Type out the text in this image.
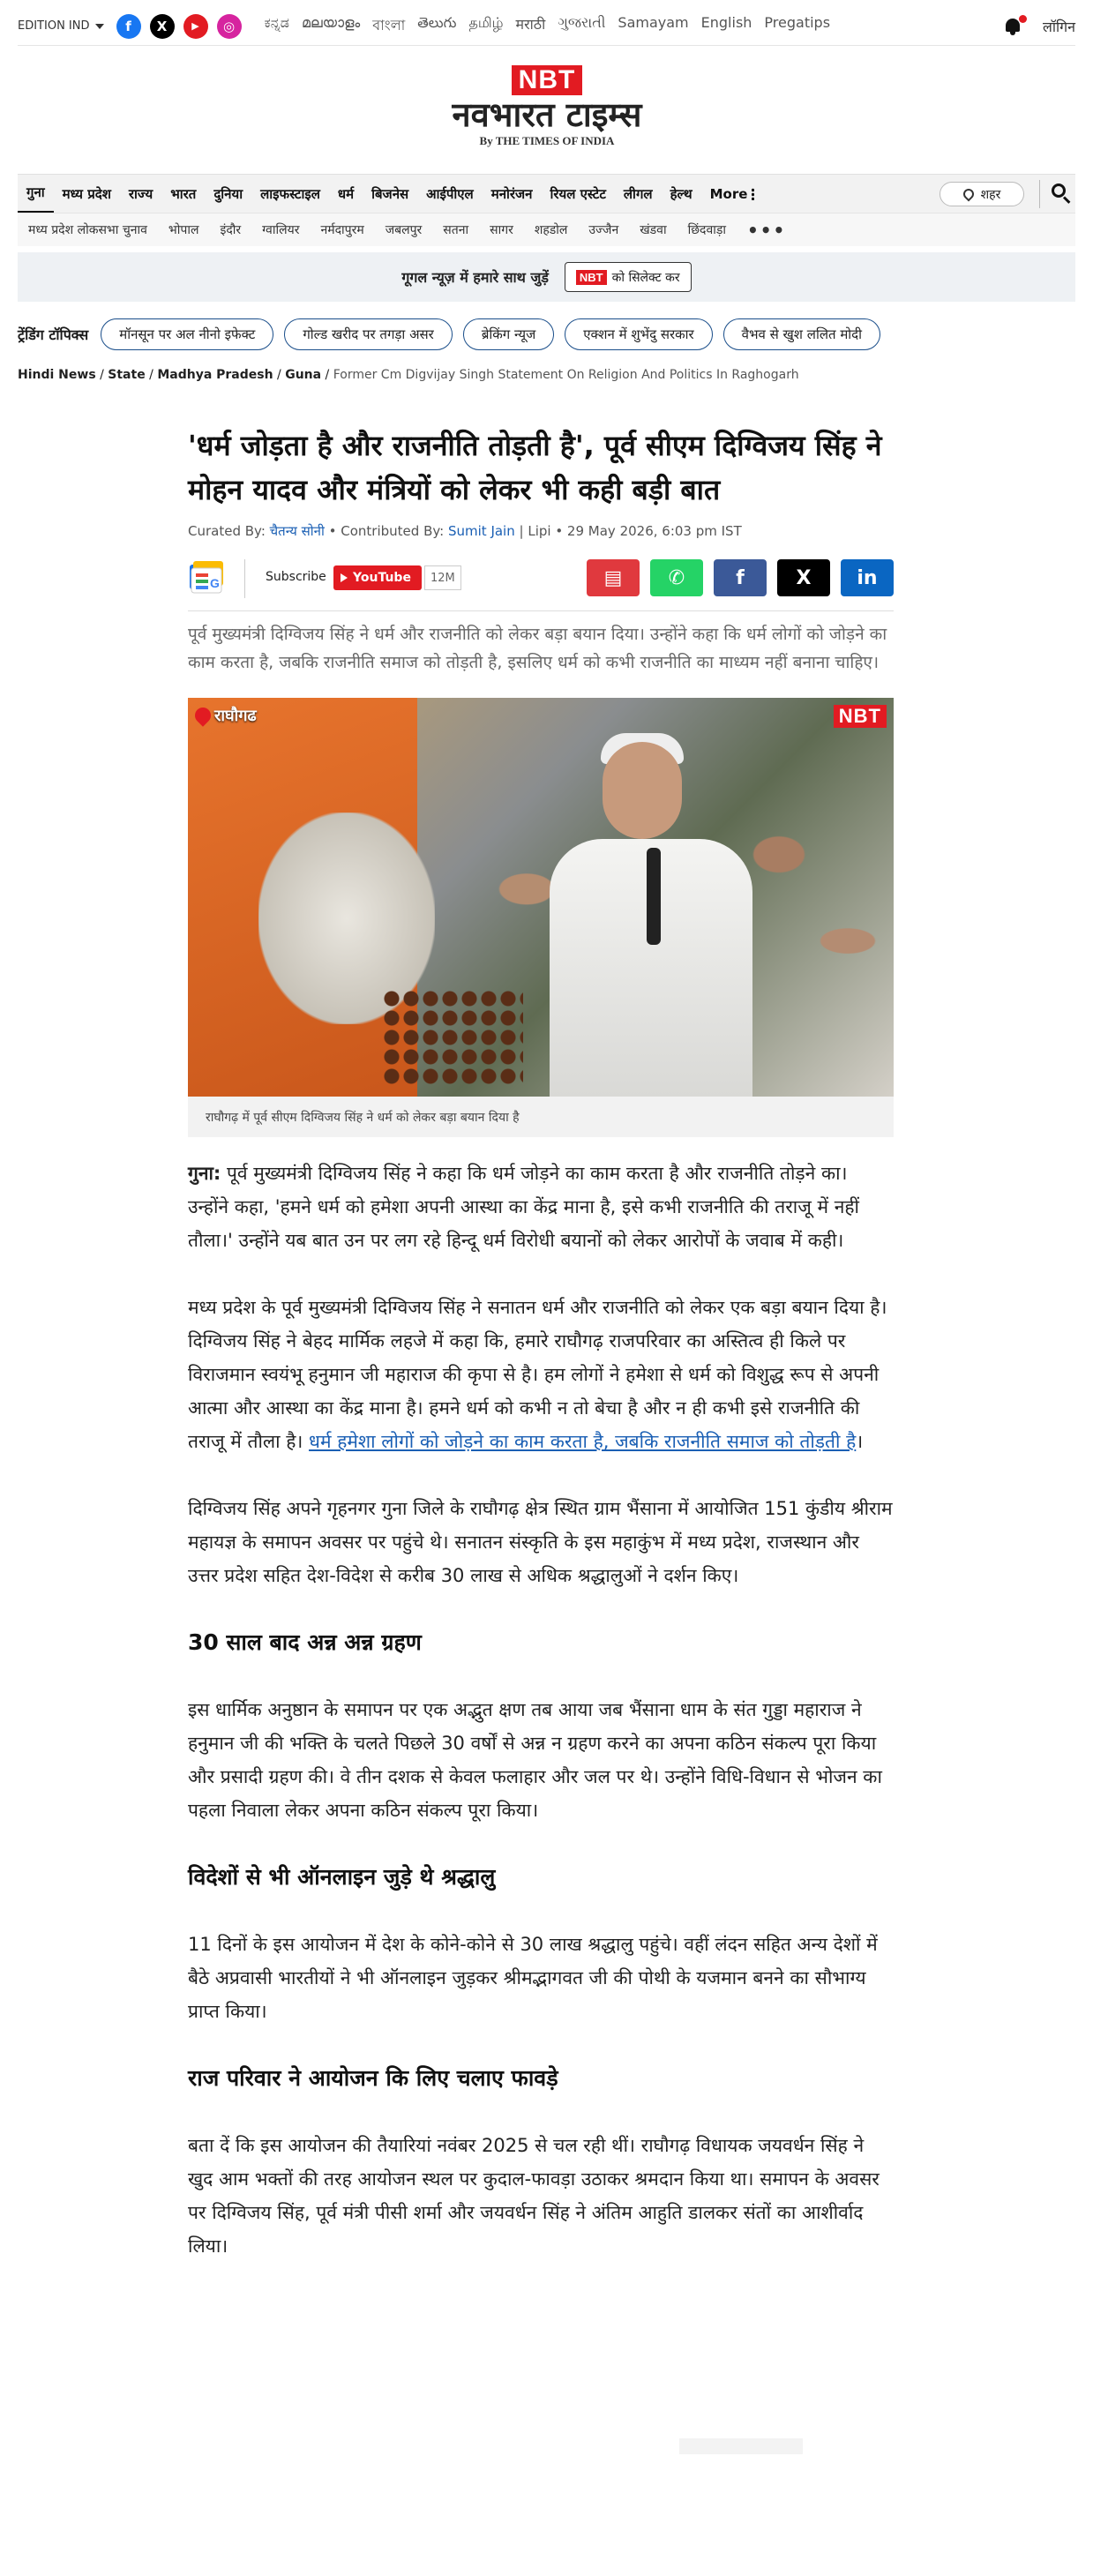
EDITION IND	f	X	▶	◎	ಕನ್ನಡ മലയാളം বাংলা తెలుగు தமிழ் मराठी ગુજરાતી Samayam English Pregatips	लॉगिन
NBT
नवभारत टाइम्स
By THE TIMES OF INDIA
गुना	मध्य प्रदेश	राज्य	भारत	दुनिया	लाइफस्टाइल	धर्म	बिजनेस	आईपीएल	मनोरंजन	रियल एस्टेट	लीगल	हेल्थ	More	शहर
मध्य प्रदेश लोकसभा चुनाव	भोपाल	इंदौर	ग्वालियर	नर्मदापुरम	जबलपुर	सतना	सागर	शहडोल	उज्जैन	खंडवा	छिंदवाड़ा	•••
गूगल न्यूज़ में हमारे साथ जुड़ें	NBT को सिलेक्ट कर
ट्रेंडिंग टॉपिक्स	मॉनसून पर अल नीनो इफेक्ट	गोल्ड खरीद पर तगड़ा असर	ब्रेकिंग न्यूज	एक्शन में शुभेंदु सरकार	वैभव से खुश ललित मोदी
Hindi News / State / Madhya Pradesh / Guna / Former Cm Digvijay Singh Statement On Religion And Politics In Raghogarh
'धर्म जोड़ता है और राजनीति तोड़ती है', पूर्व सीएम दिग्विजय सिंह ने मोहन यादव और मंत्रियों को लेकर भी कही बड़ी बात
Curated By: चैतन्य सोनी • Contributed By: Sumit Jain | Lipi • 29 May 2026, 6:03 pm IST
G	Subscribe YouTube	12M	▤	✆	f	X	in

पूर्व मुख्यमंत्री दिग्विजय सिंह ने धर्म और राजनीति को लेकर बड़ा बयान दिया। उन्होंने कहा कि धर्म लोगों को जोड़ने का काम करता है, जबकि राजनीति समाज को तोड़ती है, इसलिए धर्म को कभी राजनीति का माध्यम नहीं बनाना चाहिए।

राघौगढ	NBT
राघौगढ़ में पूर्व सीएम दिग्विजय सिंह ने धर्म को लेकर बड़ा बयान दिया है

गुना: पूर्व मुख्यमंत्री दिग्विजय सिंह ने कहा कि धर्म जोड़ने का काम करता है और राजनीति तोड़ने का। उन्होंने कहा, 'हमने धर्म को हमेशा अपनी आस्था का केंद्र माना है, इसे कभी राजनीति की तराजू में नहीं तौला।' उन्होंने यब बात उन पर लग रहे हिन्दू धर्म विरोधी बयानों को लेकर आरोपों के जवाब में कही।

मध्य प्रदेश के पूर्व मुख्यमंत्री दिग्विजय सिंह ने सनातन धर्म और राजनीति को लेकर एक बड़ा बयान दिया है। दिग्विजय सिंह ने बेहद मार्मिक लहजे में कहा कि, हमारे राघौगढ़ राजपरिवार का अस्तित्व ही किले पर विराजमान स्वयंभू हनुमान जी महाराज की कृपा से है। हम लोगों ने हमेशा से धर्म को विशुद्ध रूप से अपनी आत्मा और आस्था का केंद्र माना है। हमने धर्म को कभी न तो बेचा है और न ही कभी इसे राजनीति की तराजू में तौला है। धर्म हमेशा लोगों को जोड़ने का काम करता है, जबकि राजनीति समाज को तोड़ती है।

दिग्विजय सिंह अपने गृहनगर गुना जिले के राघौगढ़ क्षेत्र स्थित ग्राम भैंसाना में आयोजित 151 कुंडीय श्रीराम महायज्ञ के समापन अवसर पर पहुंचे थे। सनातन संस्कृति के इस महाकुंभ में मध्य प्रदेश, राजस्थान और उत्तर प्रदेश सहित देश-विदेश से करीब 30 लाख से अधिक श्रद्धालुओं ने दर्शन किए।

30 साल बाद अन्न अन्न ग्रहण

इस धार्मिक अनुष्ठान के समापन पर एक अद्भुत क्षण तब आया जब भैंसाना धाम के संत गुड्डा महाराज ने हनुमान जी की भक्ति के चलते पिछले 30 वर्षों से अन्न न ग्रहण करने का अपना कठिन संकल्प पूरा किया और प्रसादी ग्रहण की। वे तीन दशक से केवल फलाहार और जल पर थे। उन्होंने विधि-विधान से भोजन का पहला निवाला लेकर अपना कठिन संकल्प पूरा किया।

विदेशों से भी ऑनलाइन जुड़े थे श्रद्धालु

11 दिनों के इस आयोजन में देश के कोने-कोने से 30 लाख श्रद्धालु पहुंचे। वहीं लंदन सहित अन्य देशों में बैठे अप्रवासी भारतीयों ने भी ऑनलाइन जुड़कर श्रीमद्भागवत जी की पोथी के यजमान बनने का सौभाग्य प्राप्त किया।

राज परिवार ने आयोजन कि लिए चलाए फावड़े

बता दें कि इस आयोजन की तैयारियां नवंबर 2025 से चल रही थीं। राघौगढ़ विधायक जयवर्धन सिंह ने खुद आम भक्तों की तरह आयोजन स्थल पर कुदाल-फावड़ा उठाकर श्रमदान किया था। समापन के अवसर पर दिग्विजय सिंह, पूर्व मंत्री पीसी शर्मा और जयवर्धन सिंह ने अंतिम आहुति डालकर संतों का आशीर्वाद लिया।
